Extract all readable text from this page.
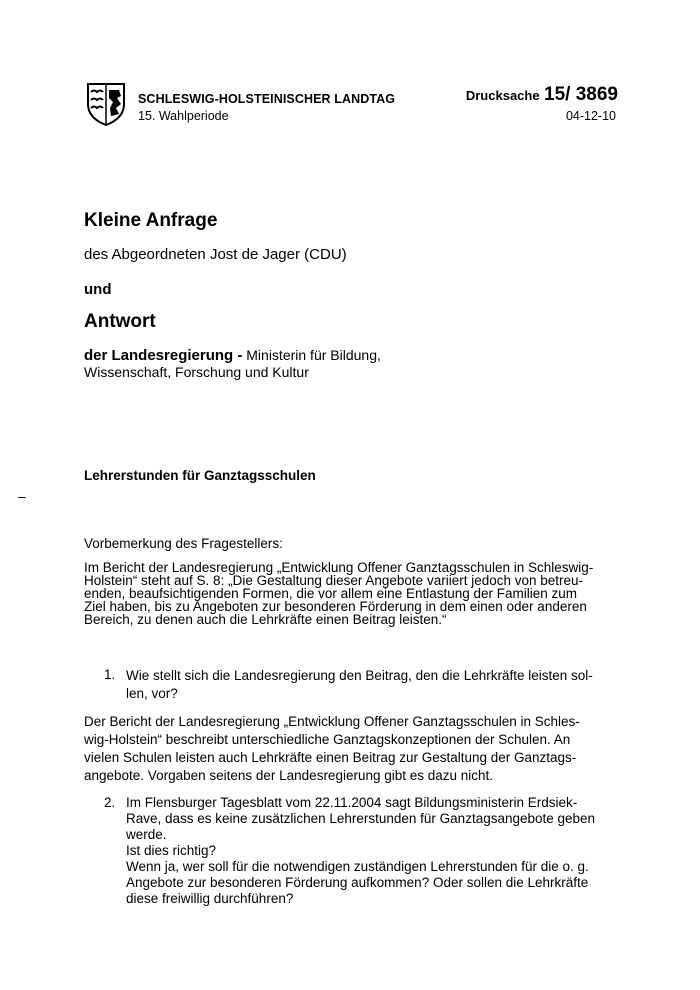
SCHLESWIG-HOLSTEINISCHER LANDTAG
15. Wahlperiode
Drucksache 15/ 3869
04-12-10
Kleine Anfrage
des Abgeordneten Jost de Jager (CDU)
und
Antwort
der Landesregierung - Ministerin für Bildung,
Wissenschaft, Forschung und Kultur
Lehrerstunden für Ganztagsschulen
–
Vorbemerkung des Fragestellers:
Im Bericht der Landesregierung „Entwicklung Offener Ganztagsschulen in Schleswig-
Holstein“ steht auf S. 8: „Die Gestaltung dieser Angebote variiert jedoch von betreu-
enden, beaufsichtigenden Formen, die vor allem eine Entlastung der Familien zum
Ziel haben, bis zu Angeboten zur besonderen Förderung in dem einen oder anderen
Bereich, zu denen auch die Lehrkräfte einen Beitrag leisten.“
1. Wie stellt sich die Landesregierung den Beitrag, den die Lehrkräfte leisten sol-
len, vor?
Der Bericht der Landesregierung „Entwicklung Offener Ganztagsschulen in Schles-
wig-Holstein“ beschreibt unterschiedliche Ganztagskonzeptionen der Schulen. An
vielen Schulen leisten auch Lehrkräfte einen Beitrag zur Gestaltung der Ganztags-
angebote. Vorgaben seitens der Landesregierung gibt es dazu nicht.
2. Im Flensburger Tagesblatt vom 22.11.2004 sagt Bildungsministerin Erdsiek-
Rave, dass es keine zusätzlichen Lehrerstunden für Ganztagsangebote geben
werde.
Ist dies richtig?
Wenn ja, wer soll für die notwendigen zuständigen Lehrerstunden für die o. g.
Angebote zur besonderen Förderung aufkommen? Oder sollen die Lehrkräfte
diese freiwillig durchführen?
